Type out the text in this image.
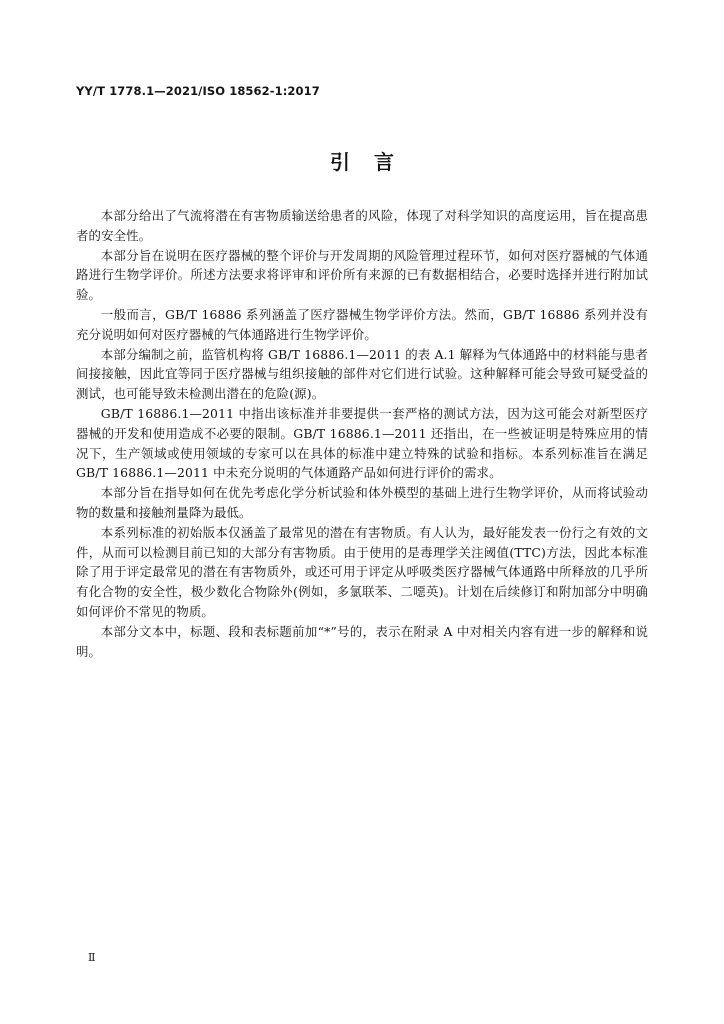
YY/T 1778.1—2021/ISO 18562-1:2017
引言

本部分给出了气流将潜在有害物质输送给患者的风险，体现了对科学知识的高度运用，旨在提高患者的安全性。

本部分旨在说明在医疗器械的整个评价与开发周期的风险管理过程环节，如何对医疗器械的气体通路进行生物学评价。所述方法要求将评审和评价所有来源的已有数据相结合，必要时选择并进行附加试验。

一般而言，GB/T 16886 系列涵盖了医疗器械生物学评价方法。然而，GB/T 16886 系列并没有充分说明如何对医疗器械的气体通路进行生物学评价。

本部分编制之前，监管机构将 GB/T 16886.1—2011 的表 A.1 解释为气体通路中的材料能与患者间接接触，因此宜等同于医疗器械与组织接触的部件对它们进行试验。这种解释可能会导致可疑受益的测试，也可能导致未检测出潜在的危险(源)。

GB/T 16886.1—2011 中指出该标准并非要提供一套严格的测试方法，因为这可能会对新型医疗器械的开发和使用造成不必要的限制。GB/T 16886.1—2011 还指出，在一些被证明是特殊应用的情况下，生产领域或使用领域的专家可以在具体的标准中建立特殊的试验和指标。本系列标准旨在满足 GB/T 16886.1—2011 中未充分说明的气体通路产品如何进行评价的需求。

本部分旨在指导如何在优先考虑化学分析试验和体外模型的基础上进行生物学评价，从而将试验动物的数量和接触剂量降为最低。

本系列标准的初始版本仅涵盖了最常见的潜在有害物质。有人认为，最好能发表一份行之有效的文件，从而可以检测目前已知的大部分有害物质。由于使用的是毒理学关注阈值(TTC)方法，因此本标准除了用于评定最常见的潜在有害物质外，或还可用于评定从呼吸类医疗器械气体通路中所释放的几乎所有化合物的安全性，极少数化合物除外(例如，多氯联苯、二噁英)。计划在后续修订和附加部分中明确如何评价不常见的物质。

本部分文本中，标题、段和表标题前加“*”号的，表示在附录 A 中对相关内容有进一步的解释和说明。

Ⅱ
